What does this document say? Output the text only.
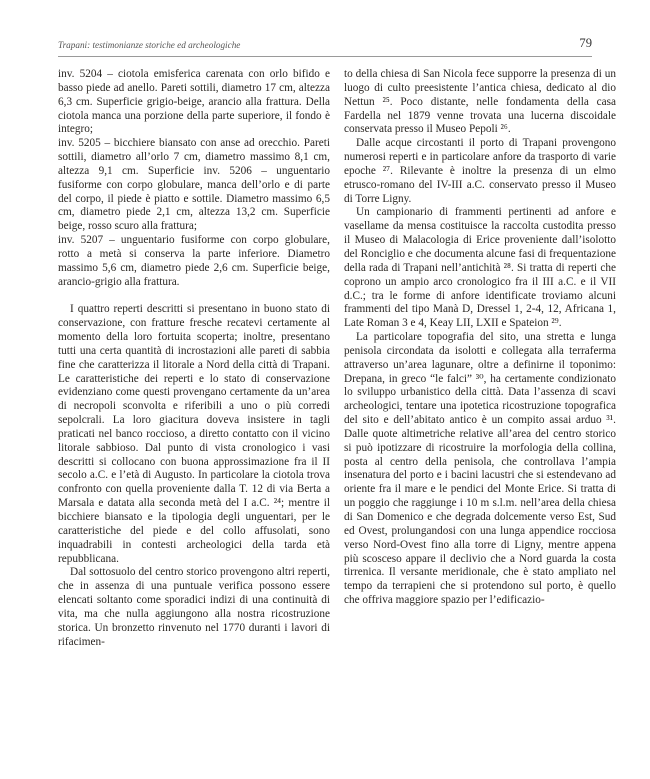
Trapani: testimonianze storiche ed archeologiche	79

inv. 5204 – ciotola emisferica carenata con orlo bifido e basso piede ad anello. Pareti sottili, diametro 17 cm, altezza 6,3 cm. Superficie grigio-beige, arancio alla frattura. Della ciotola manca una porzione della parte superiore, il fondo è integro;

inv. 5205 – bicchiere biansato con anse ad orecchio. Pareti sottili, diametro all’orlo 7 cm, diametro massimo 8,1 cm, altezza 9,1 cm. Superficie inv. 5206 – unguentario fusiforme con corpo globulare, manca dell’orlo e di parte del corpo, il piede è piatto e sottile. Diametro massimo 6,5 cm, diametro piede 2,1 cm, altezza 13,2 cm. Superficie beige, rosso scuro alla frattura;

inv. 5207 – unguentario fusiforme con corpo globulare, rotto a metà si conserva la parte inferiore. Diametro massimo 5,6 cm, diametro piede 2,6 cm. Superficie beige, arancio-grigio alla frattura.

I quattro reperti descritti si presentano in buono stato di conservazione, con fratture fresche recatevi certamente al momento della loro fortuita scoperta; inoltre, presentano tutti una certa quantità di incrostazioni alle pareti di sabbia fine che caratterizza il litorale a Nord della città di Trapani. Le caratteristiche dei reperti e lo stato di conservazione evidenziano come questi provengano certamente da un’area di necropoli sconvolta e riferibili a uno o più corredi sepolcrali. La loro giacitura doveva insistere in tagli praticati nel banco roccioso, a diretto contatto con il vicino litorale sabbioso. Dal punto di vista cronologico i vasi descritti si collocano con buona approssimazione fra il II secolo a.C. e l’età di Augusto. In particolare la ciotola trova confronto con quella proveniente dalla T. 12 di via Berta a Marsala e datata alla seconda metà del I a.C. ²⁴; mentre il bicchiere biansato e la tipologia degli unguentari, per le caratteristiche del piede e del collo affusolati, sono inquadrabili in contesti archeologici della tarda età repubblicana.

Dal sottosuolo del centro storico provengono altri reperti, che in assenza di una puntuale verifica possono essere elencati soltanto come sporadici indizi di una continuità di vita, ma che nulla aggiungono alla nostra ricostruzione storica. Un bronzetto rinvenuto nel 1770 duranti i lavori di rifacimen-

to della chiesa di San Nicola fece supporre la presenza di un luogo di culto preesistente l’antica chiesa, dedicato al dio Nettun ²⁵. Poco distante, nelle fondamenta della casa Fardella nel 1879 venne trovata una lucerna discoidale conservata presso il Museo Pepoli ²⁶.

Dalle acque circostanti il porto di Trapani provengono numerosi reperti e in particolare anfore da trasporto di varie epoche ²⁷. Rilevante è inoltre la presenza di un elmo etrusco-romano del IV-III a.C. conservato presso il Museo di Torre Ligny.

Un campionario di frammenti pertinenti ad anfore e vasellame da mensa costituisce la raccolta custodita presso il Museo di Malacologia di Erice proveniente dall’isolotto del Ronciglio e che documenta alcune fasi di frequentazione della rada di Trapani nell’antichità ²⁸. Si tratta di reperti che coprono un ampio arco cronologico fra il III a.C. e il VII d.C.; tra le forme di anfore identificate troviamo alcuni frammenti del tipo Manà D, Dressel 1, 2-4, 12, Africana 1, Late Roman 3 e 4, Keay LII, LXII e Spateion ²⁹.

La particolare topografia del sito, una stretta e lunga penisola circondata da isolotti e collegata alla terraferma attraverso un’area lagunare, oltre a definirne il toponimo: Drepana, in greco “le falci” ³⁰, ha certamente condizionato lo sviluppo urbanistico della città. Data l’assenza di scavi archeologici, tentare una ipotetica ricostruzione topografica del sito e dell’abitato antico è un compito assai arduo ³¹. Dalle quote altimetriche relative all’area del centro storico si può ipotizzare di ricostruire la morfologia della collina, posta al centro della penisola, che controllava l’ampia insenatura del porto e i bacini lacustri che si estendevano ad oriente fra il mare e le pendici del Monte Erice. Si tratta di un poggio che raggiunge i 10 m s.l.m. nell’area della chiesa di San Domenico e che degrada dolcemente verso Est, Sud ed Ovest, prolungandosi con una lunga appendice rocciosa verso Nord-Ovest fino alla torre di Ligny, mentre appena più scosceso appare il declivio che a Nord guarda la costa tirrenica. Il versante meridionale, che è stato ampliato nel tempo da terrapieni che si protendono sul porto, è quello che offriva maggiore spazio per l’edificazio-
